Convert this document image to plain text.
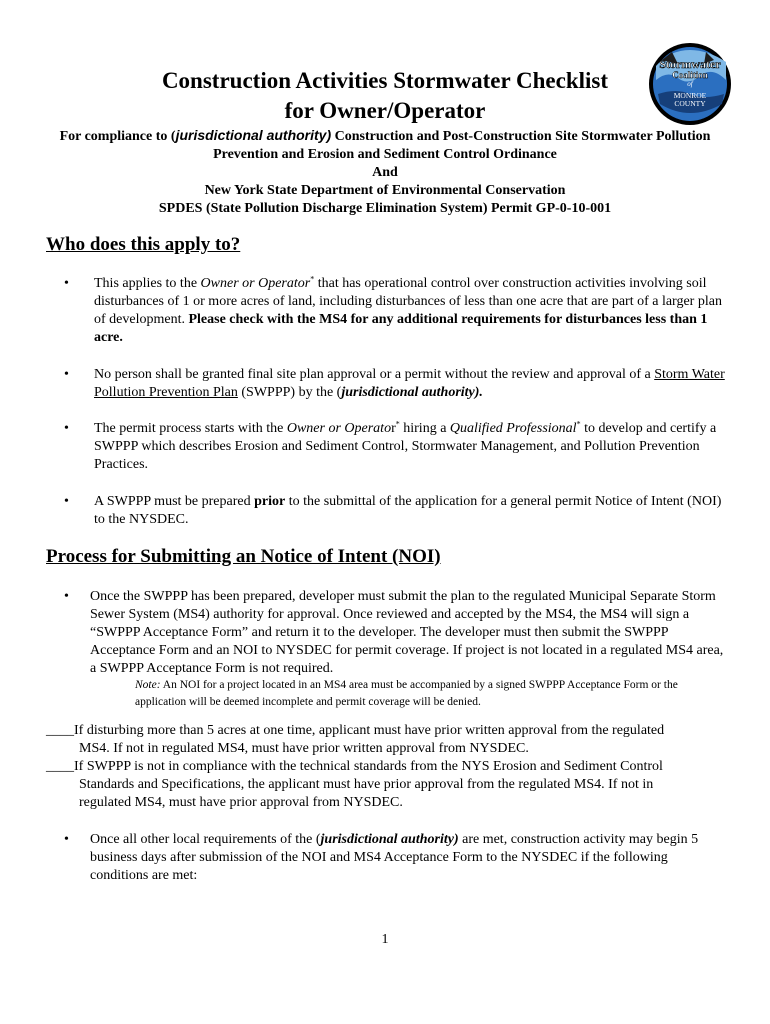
Stormwater
Coalition
of
MONROE
COUNTY
Construction Activities Stormwater Checklist
for Owner/Operator
For compliance to (jurisdictional authority) Construction and Post-Construction Site Stormwater Pollution
Prevention and Erosion and Sediment Control Ordinance
And
New York State Department of Environmental Conservation
SPDES (State Pollution Discharge Elimination System) Permit GP-0-10-001
Who does this apply to?
•	This applies to the Owner or Operator* that has operational control over construction activities involving soil disturbances of 1 or more acres of land, including disturbances of less than one acre that are part of a larger plan of development. Please check with the MS4 for any additional requirements for disturbances less than 1 acre.
•	No person shall be granted final site plan approval or a permit without the review and approval of a Storm Water Pollution Prevention Plan (SWPPP) by the (jurisdictional authority).
•	The permit process starts with the Owner or Operator* hiring a Qualified Professional* to develop and certify a SWPPP which describes Erosion and Sediment Control, Stormwater Management, and Pollution Prevention Practices.
•	A SWPPP must be prepared prior to the submittal of the application for a general permit Notice of Intent (NOI) to the NYSDEC.
Process for Submitting an Notice of Intent (NOI)
•	Once the SWPPP has been prepared, developer must submit the plan to the regulated Municipal Separate Storm Sewer System (MS4) authority for approval. Once reviewed and accepted by the MS4, the MS4 will sign a “SWPPP Acceptance Form” and return it to the developer. The developer must then submit the SWPPP Acceptance Form and an NOI to NYSDEC for permit coverage. If project is not located in a regulated MS4 area, a SWPPP Acceptance Form is not required.
Note: An NOI for a project located in an MS4 area must be accompanied by a signed SWPPP Acceptance Form or the application will be deemed incomplete and permit coverage will be denied.
____If disturbing more than 5 acres at one time, applicant must have prior written approval from the regulated
MS4. If not in regulated MS4, must have prior written approval from NYSDEC.
____If SWPPP is not in compliance with the technical standards from the NYS Erosion and Sediment Control
Standards and Specifications, the applicant must have prior approval from the regulated MS4. If not in
regulated MS4, must have prior approval from NYSDEC.
•	Once all other local requirements of the (jurisdictional authority) are met, construction activity may begin 5 business days after submission of the NOI and MS4 Acceptance Form to the NYSDEC if the following conditions are met:
1
